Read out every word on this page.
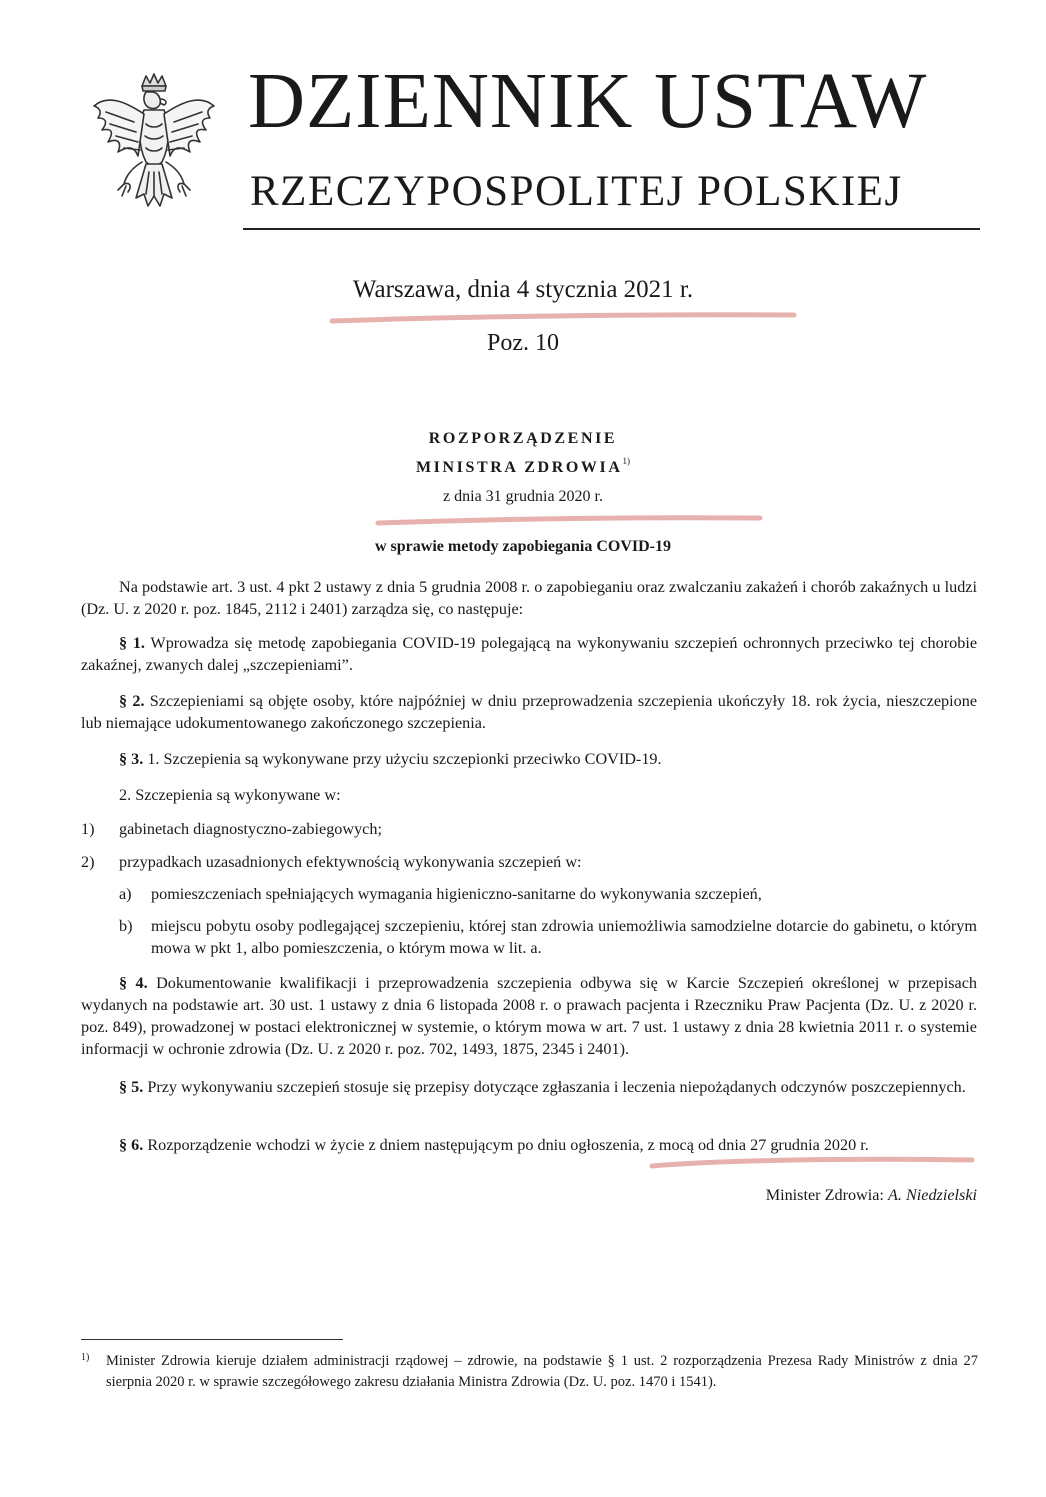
DZIENNIK USTAW
RZECZYPOSPOLITEJ POLSKIEJ
Warszawa, dnia 4 stycznia 2021 r.
Poz. 10
ROZPORZĄDZENIE
MINISTRA ZDROWIA$^{1)}$
z dnia 31 grudnia 2020 r.
w sprawie metody zapobiegania COVID-19
Na podstawie art. 3 ust. 4 pkt 2 ustawy z dnia 5 grudnia 2008 r. o zapobieganiu oraz zwalczaniu zakażeń i chorób zakaźnych u ludzi (Dz. U. z 2020 r. poz. 1845, 2112 i 2401) zarządza się, co następuje:
§ 1. Wprowadza się metodę zapobiegania COVID-19 polegającą na wykonywaniu szczepień ochronnych przeciwko tej chorobie zakaźnej, zwanych dalej „szczepieniami”.
§ 2. Szczepieniami są objęte osoby, które najpóźniej w dniu przeprowadzenia szczepienia ukończyły 18. rok życia, nieszczepione lub niemające udokumentowanego zakończonego szczepienia.
§ 3. 1. Szczepienia są wykonywane przy użyciu szczepionki przeciwko COVID-19.
2. Szczepienia są wykonywane w:
1) gabinetach diagnostyczno-zabiegowych;
2) przypadkach uzasadnionych efektywnością wykonywania szczepień w:
a) pomieszczeniach spełniających wymagania higieniczno-sanitarne do wykonywania szczepień,
b) miejscu pobytu osoby podlegającej szczepieniu, której stan zdrowia uniemożliwia samodzielne dotarcie do gabinetu, o którym mowa w pkt 1, albo pomieszczenia, o którym mowa w lit. a.
§ 4. Dokumentowanie kwalifikacji i przeprowadzenia szczepienia odbywa się w Karcie Szczepień określonej w przepisach wydanych na podstawie art. 30 ust. 1 ustawy z dnia 6 listopada 2008 r. o prawach pacjenta i Rzeczniku Praw Pacjenta (Dz. U. z 2020 r. poz. 849), prowadzonej w postaci elektronicznej w systemie, o którym mowa w art. 7 ust. 1 ustawy z dnia 28 kwietnia 2011 r. o systemie informacji w ochronie zdrowia (Dz. U. z 2020 r. poz. 702, 1493, 1875, 2345 i 2401).
§ 5. Przy wykonywaniu szczepień stosuje się przepisy dotyczące zgłaszania i leczenia niepożądanych odczynów poszczepiennych.
§ 6. Rozporządzenie wchodzi w życie z dniem następującym po dniu ogłoszenia, z mocą od dnia 27 grudnia 2020 r.
Minister Zdrowia: A. Niedzielski
1) Minister Zdrowia kieruje działem administracji rządowej – zdrowie, na podstawie § 1 ust. 2 rozporządzenia Prezesa Rady Ministrów z dnia 27 sierpnia 2020 r. w sprawie szczegółowego zakresu działania Ministra Zdrowia (Dz. U. poz. 1470 i 1541).
